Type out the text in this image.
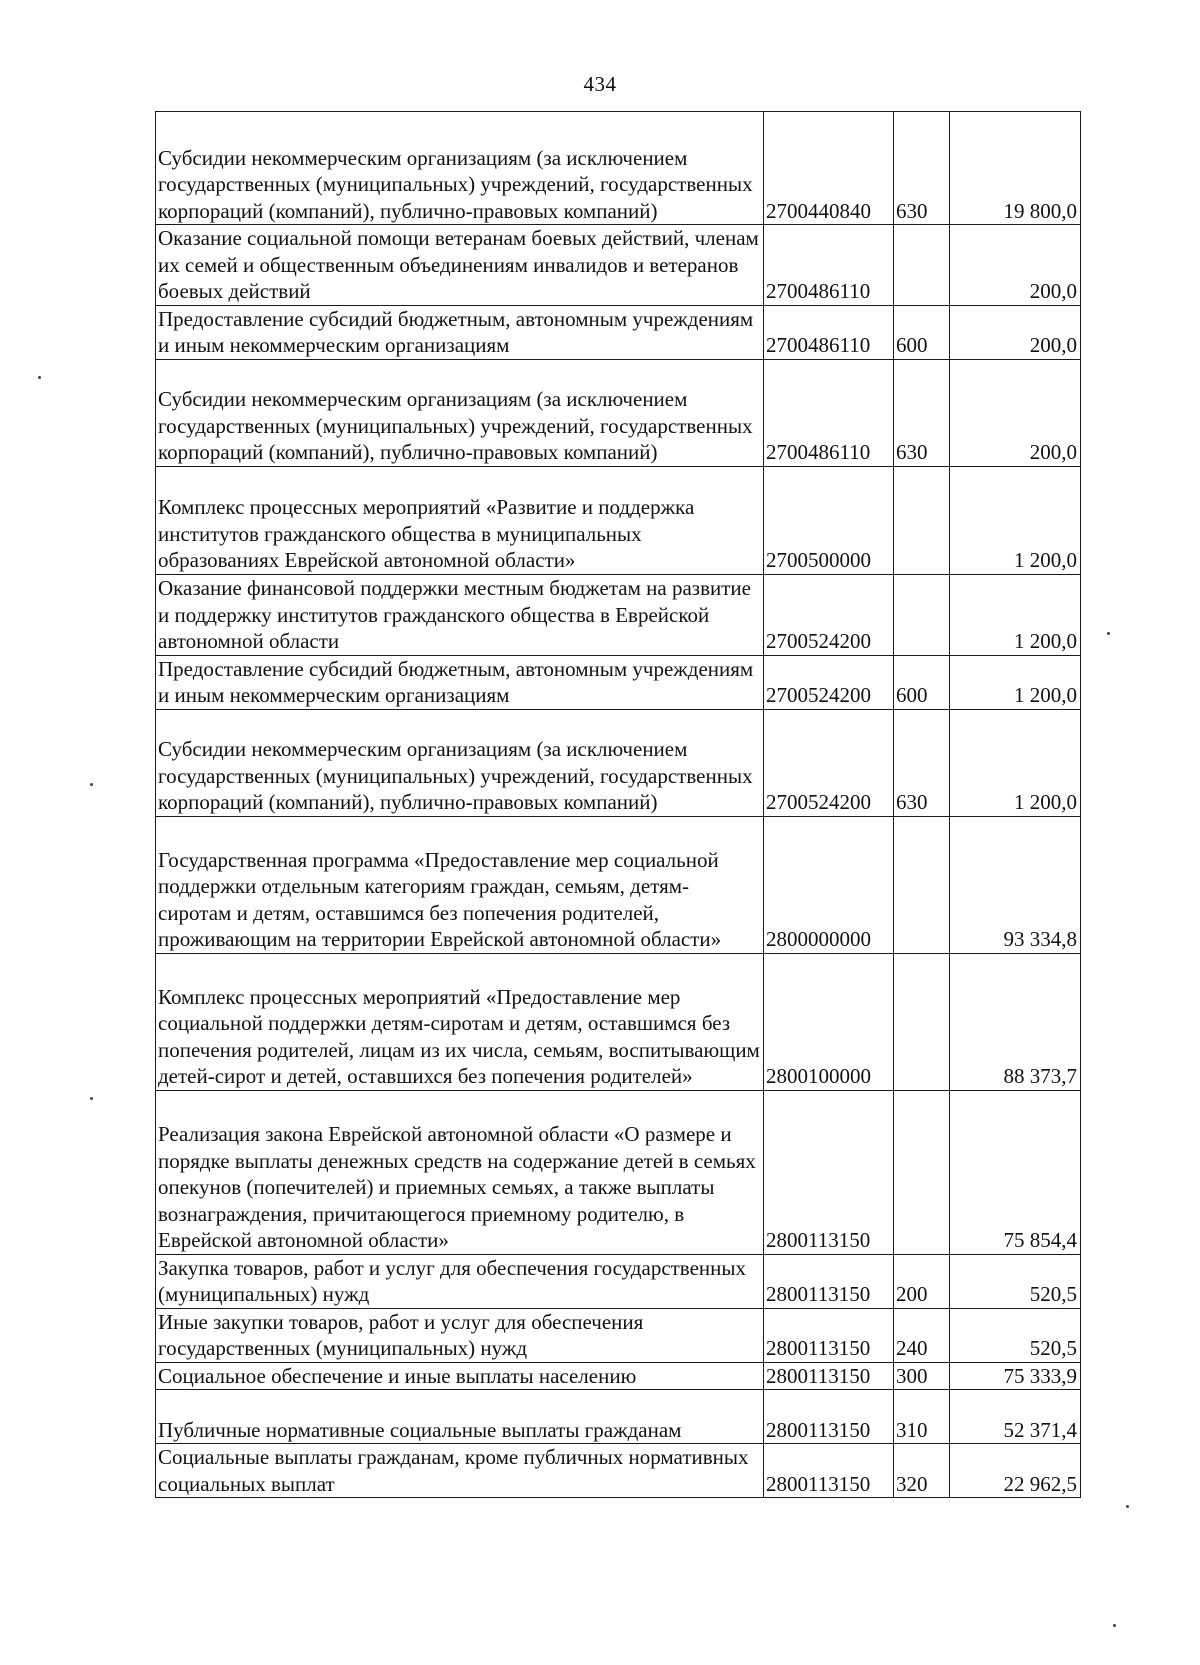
434
Субсидии некоммерческим организациям (за исключением государственных (муниципальных) учреждений, государственных корпораций (компаний), публично-правовых компаний)	2700440840	630	19 800,0
Оказание социальной помощи ветеранам боевых действий, членам их семей и общественным объединениям инвалидов и ветеранов боевых действий	2700486110		200,0
Предоставление субсидий бюджетным, автономным учреждениям и иным некоммерческим организациям	2700486110	600	200,0
Субсидии некоммерческим организациям (за исключением государственных (муниципальных) учреждений, государственных корпораций (компаний), публично-правовых компаний)	2700486110	630	200,0
Комплекс процессных мероприятий «Развитие и поддержка институтов гражданского общества в муниципальных образованиях Еврейской автономной области»	2700500000		1 200,0
Оказание финансовой поддержки местным бюджетам на развитие и поддержку институтов гражданского общества в Еврейской автономной области	2700524200		1 200,0
Предоставление субсидий бюджетным, автономным учреждениям и иным некоммерческим организациям	2700524200	600	1 200,0
Субсидии некоммерческим организациям (за исключением государственных (муниципальных) учреждений, государственных корпораций (компаний), публично-правовых компаний)	2700524200	630	1 200,0
Государственная программа «Предоставление мер социальной поддержки отдельным категориям граждан, семьям, детям-сиротам и детям, оставшимся без попечения родителей, проживающим на территории Еврейской автономной области»	2800000000		93 334,8
Комплекс процессных мероприятий «Предоставление мер социальной поддержки детям-сиротам и детям, оставшимся без попечения родителей, лицам из их числа, семьям, воспитывающим детей-сирот и детей, оставшихся без попечения родителей»	2800100000		88 373,7
Реализация закона Еврейской автономной области «О размере и порядке выплаты денежных средств на содержание детей в семьях опекунов (попечителей) и приемных семьях, а также выплаты вознаграждения, причитающегося приемному родителю, в Еврейской автономной области»	2800113150		75 854,4
Закупка товаров, работ и услуг для обеспечения государственных (муниципальных) нужд	2800113150	200	520,5
Иные закупки товаров, работ и услуг для обеспечения государственных (муниципальных) нужд	2800113150	240	520,5
Социальное обеспечение и иные выплаты населению	2800113150	300	75 333,9
Публичные нормативные социальные выплаты гражданам	2800113150	310	52 371,4
Социальные выплаты гражданам, кроме публичных нормативных социальных выплат	2800113150	320	22 962,5
